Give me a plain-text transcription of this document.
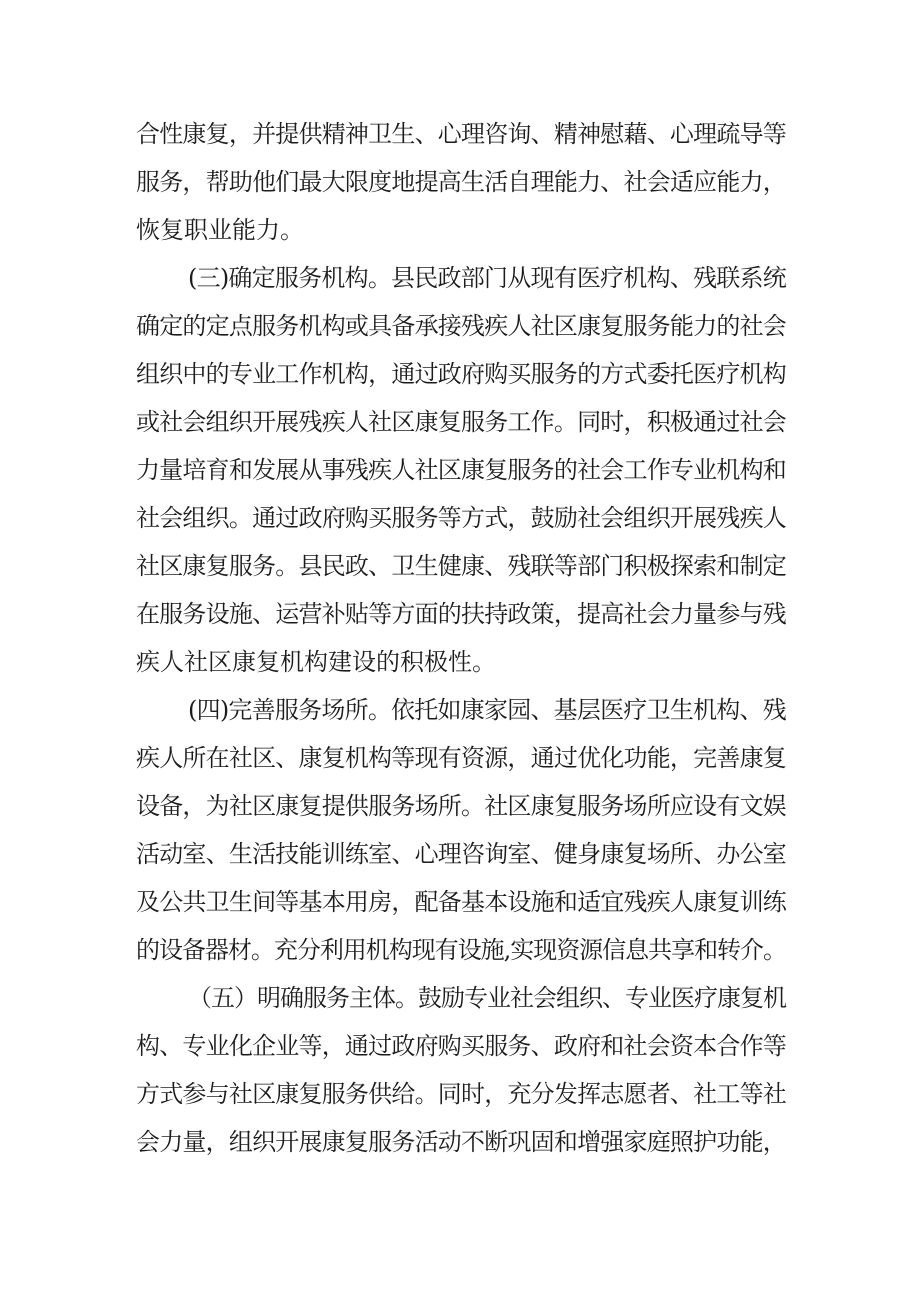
合性康复，并提供精神卫生、心理咨询、精神慰藉、心理疏导等
服务，帮助他们最大限度地提高生活自理能力、社会适应能力，
恢复职业能力。
(三)确定服务机构。县民政部门从现有医疗机构、残联系统
确定的定点服务机构或具备承接残疾人社区康复服务能力的社会
组织中的专业工作机构，通过政府购买服务的方式委托医疗机构
或社会组织开展残疾人社区康复服务工作。同时，积极通过社会
力量培育和发展从事残疾人社区康复服务的社会工作专业机构和
社会组织。通过政府购买服务等方式，鼓励社会组织开展残疾人
社区康复服务。县民政、卫生健康、残联等部门积极探索和制定
在服务设施、运营补贴等方面的扶持政策，提高社会力量参与残
疾人社区康复机构建设的积极性。
(四)完善服务场所。依托如康家园、基层医疗卫生机构、残
疾人所在社区、康复机构等现有资源，通过优化功能，完善康复
设备，为社区康复提供服务场所。社区康复服务场所应设有文娱
活动室、生活技能训练室、心理咨询室、健身康复场所、办公室
及公共卫生间等基本用房，配备基本设施和适宜残疾人康复训练
的设备器材。充分利用机构现有设施,实现资源信息共享和转介。
（五）明确服务主体。鼓励专业社会组织、专业医疗康复机
构、专业化企业等，通过政府购买服务、政府和社会资本合作等
方式参与社区康复服务供给。同时，充分发挥志愿者、社工等社
会力量，组织开展康复服务活动不断巩固和增强家庭照护功能，
